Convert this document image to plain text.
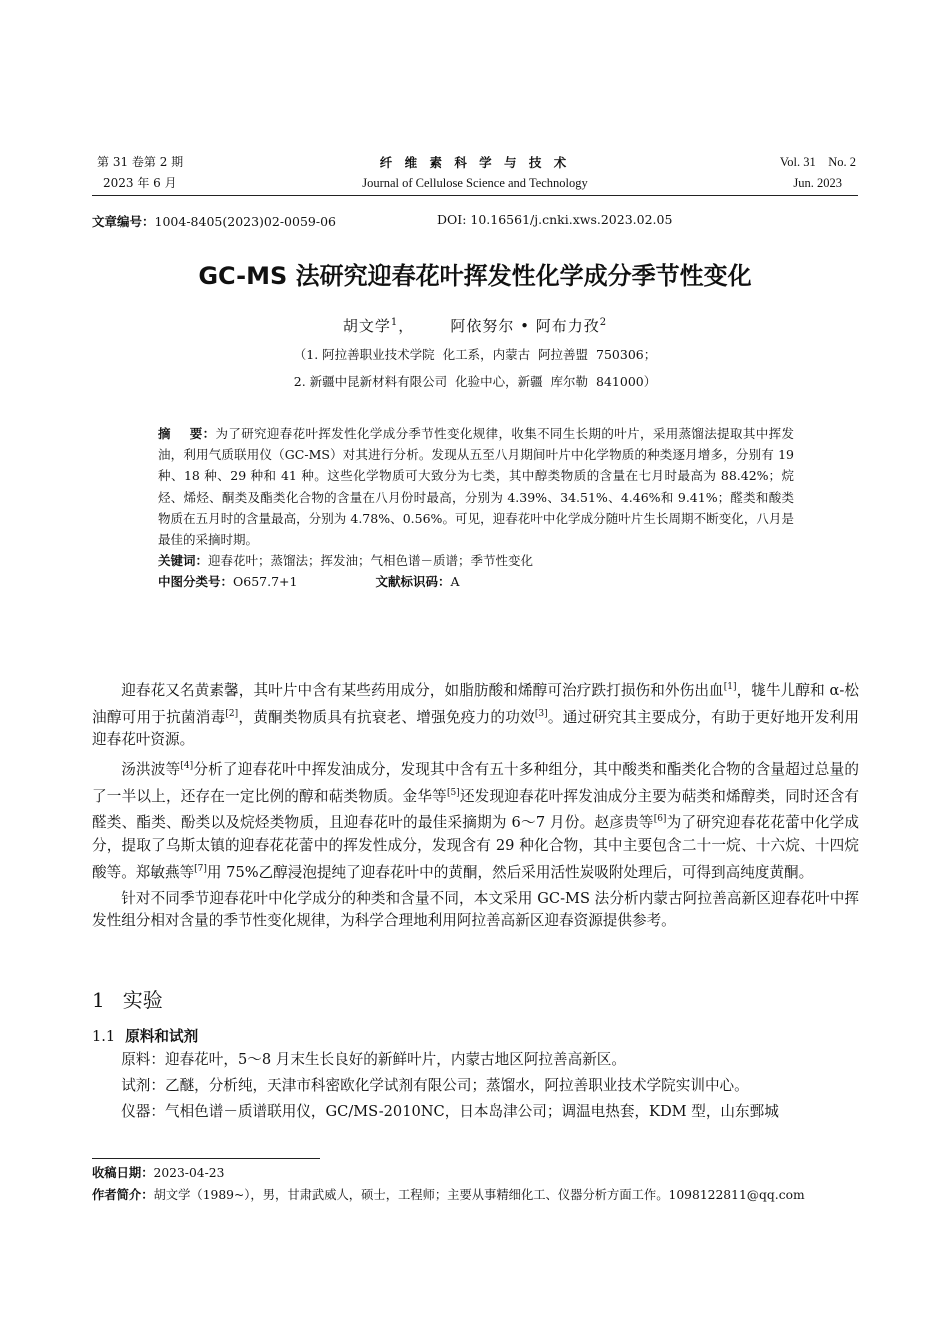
第 31 卷第 2 期
2023 年 6 月
纤 维 素 科 学 与 技 术
Journal of Cellulose Science and Technology
Vol. 31    No. 2
Jun. 2023
文章编号：1004-8405(2023)02-0059-06	DOI: 10.16561/j.cnki.xws.2023.02.05
GC-MS 法研究迎春花叶挥发性化学成分季节性变化
胡文学$^1$， 阿依努尔 • 阿布力孜$^2$
（1. 阿拉善职业技术学院  化工系，内蒙古  阿拉善盟  750306；
2. 新疆中昆新材料有限公司  化验中心，新疆  库尔勒  841000）
摘    要：为了研究迎春花叶挥发性化学成分季节性变化规律，收集不同生长期的叶片，采用蒸馏法提取其中挥发油，利用气质联用仪（GC-MS）对其进行分析。发现从五至八月期间叶片中化学物质的种类逐月增多，分别有 19 种、18 种、29 种和 41 种。这些化学物质可大致分为七类，其中醇类物质的含量在七月时最高为 88.42%；烷烃、烯烃、酮类及酯类化合物的含量在八月份时最高，分别为 4.39%、34.51%、4.46%和 9.41%；醛类和酸类物质在五月时的含量最高，分别为 4.78%、0.56%。可见，迎春花叶中化学成分随叶片生长周期不断变化，八月是最佳的采摘时期。
关键词：迎春花叶；蒸馏法；挥发油；气相色谱－质谱；季节性变化
中图分类号：O657.7+1	文献标识码：A

迎春花又名黄素馨，其叶片中含有某些药用成分，如脂肪酸和烯醇可治疗跌打损伤和外伤出血[1]，牻牛儿醇和 α-松油醇可用于抗菌消毒[2]，黄酮类物质具有抗衰老、增强免疫力的功效[3]。通过研究其主要成分，有助于更好地开发利用迎春花叶资源。

汤洪波等[4]分析了迎春花叶中挥发油成分，发现其中含有五十多种组分，其中酸类和酯类化合物的含量超过总量的了一半以上，还存在一定比例的醇和萜类物质。金华等[5]还发现迎春花叶挥发油成分主要为萜类和烯醇类，同时还含有醛类、酯类、酚类以及烷烃类物质，且迎春花叶的最佳采摘期为 6～7 月份。赵彦贵等[6]为了研究迎春花花蕾中化学成分，提取了乌斯太镇的迎春花花蕾中的挥发性成分，发现含有 29 种化合物，其中主要包含二十一烷、十六烷、十四烷酸等。郑敏燕等[7]用 75%乙醇浸泡提纯了迎春花叶中的黄酮，然后采用活性炭吸附处理后，可得到高纯度黄酮。

针对不同季节迎春花叶中化学成分的种类和含量不同，本文采用 GC-MS 法分析内蒙古阿拉善高新区迎春花叶中挥发性组分相对含量的季节性变化规律，为科学合理地利用阿拉善高新区迎春资源提供参考。

1 实验
1.1 原料和试剂

原料：迎春花叶，5～8 月末生长良好的新鲜叶片，内蒙古地区阿拉善高新区。

试剂：乙醚，分析纯，天津市科密欧化学试剂有限公司；蒸馏水，阿拉善职业技术学院实训中心。

仪器：气相色谱－质谱联用仪，GC/MS-2010NC，日本岛津公司；调温电热套，KDM 型，山东鄄城

收稿日期：2023-04-23
作者简介：胡文学（1989~），男，甘肃武威人，硕士，工程师；主要从事精细化工、仪器分析方面工作。1098122811@qq.com
